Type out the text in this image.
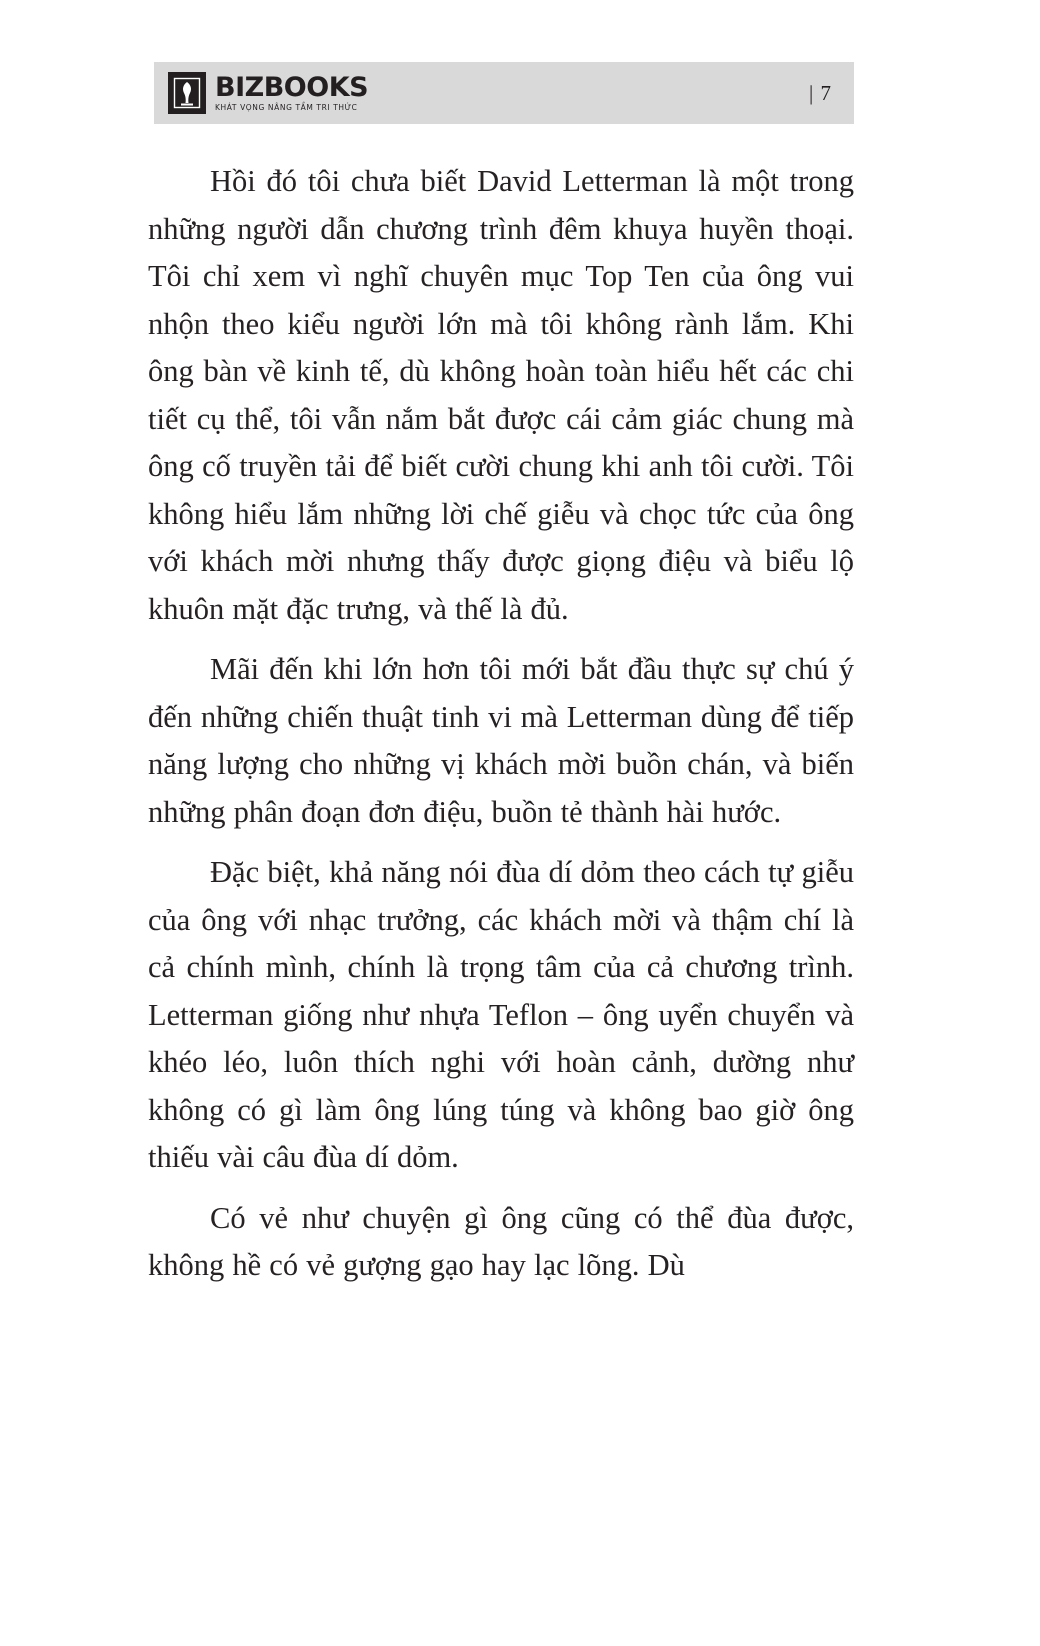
BIZBOOKS
KHÁT VỌNG NÂNG TẦM TRI THỨC
| 7

Hồi đó tôi chưa biết David Letterman là một trong những người dẫn chương trình đêm khuya huyền thoại. Tôi chỉ xem vì nghĩ chuyên mục Top Ten của ông vui nhộn theo kiểu người lớn mà tôi không rành lắm. Khi ông bàn về kinh tế, dù không hoàn toàn hiểu hết các chi tiết cụ thể, tôi vẫn nắm bắt được cái cảm giác chung mà ông cố truyền tải để biết cười chung khi anh tôi cười. Tôi không hiểu lắm những lời chế giễu và chọc tức của ông với khách mời nhưng thấy được giọng điệu và biểu lộ khuôn mặt đặc trưng, và thế là đủ.

Mãi đến khi lớn hơn tôi mới bắt đầu thực sự chú ý đến những chiến thuật tinh vi mà Letterman dùng để tiếp năng lượng cho những vị khách mời buồn chán, và biến những phân đoạn đơn điệu, buồn tẻ thành hài hước.

Đặc biệt, khả năng nói đùa dí dỏm theo cách tự giễu của ông với nhạc trưởng, các khách mời và thậm chí là cả chính mình, chính là trọng tâm của cả chương trình. Letterman giống như nhựa Teflon – ông uyển chuyển và khéo léo, luôn thích nghi với hoàn cảnh, dường như không có gì làm ông lúng túng và không bao giờ ông thiếu vài câu đùa dí dỏm.

Có vẻ như chuyện gì ông cũng có thể đùa được, không hề có vẻ gượng gạo hay lạc lõng. Dù
